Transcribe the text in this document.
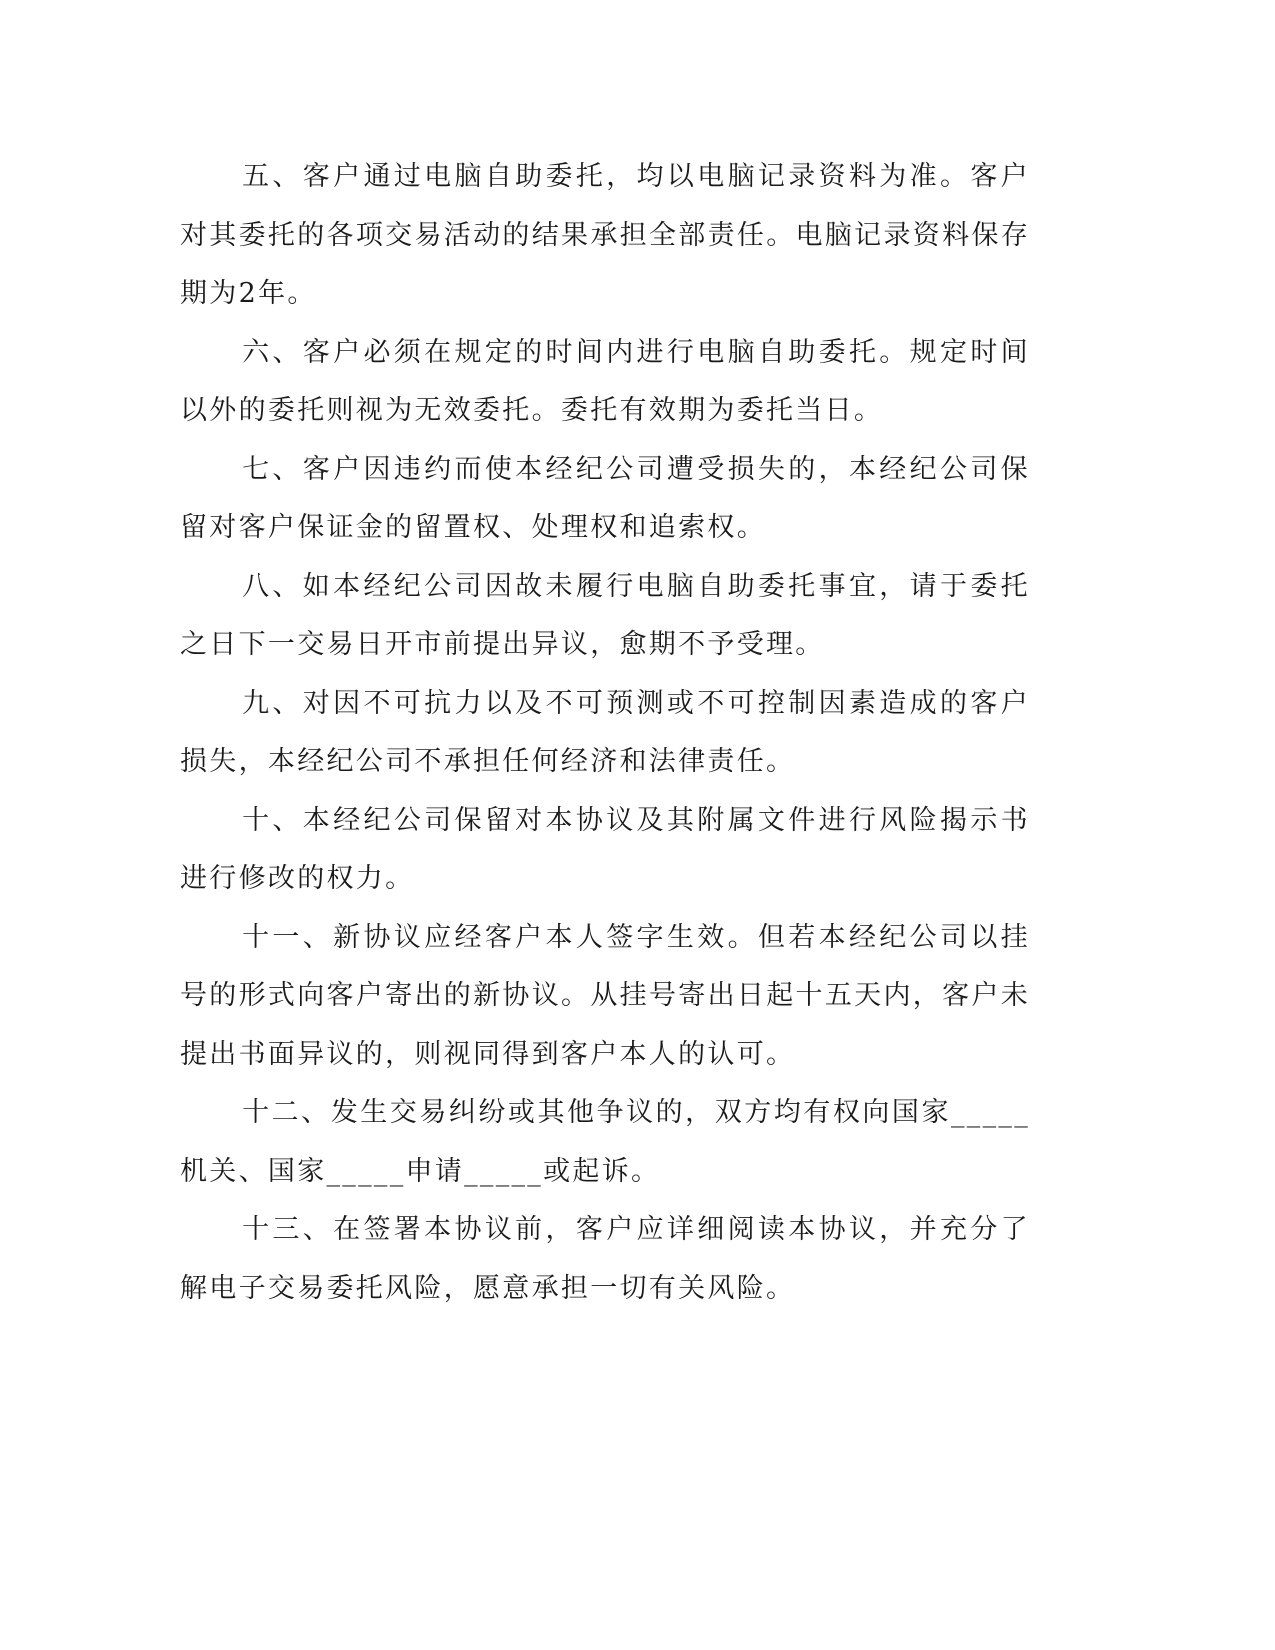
五、客户通过电脑自助委托，均以电脑记录资料为准。客户对其委托的各项交易活动的结果承担全部责任。电脑记录资料保存期为2年。

六、客户必须在规定的时间内进行电脑自助委托。规定时间以外的委托则视为无效委托。委托有效期为委托当日。

七、客户因违约而使本经纪公司遭受损失的，本经纪公司保留对客户保证金的留置权、处理权和追索权。

八、如本经纪公司因故未履行电脑自助委托事宜，请于委托之日下一交易日开市前提出异议，愈期不予受理。

九、对因不可抗力以及不可预测或不可控制因素造成的客户损失，本经纪公司不承担任何经济和法律责任。

十、本经纪公司保留对本协议及其附属文件进行风险揭示书进行修改的权力。

十一、新协议应经客户本人签字生效。但若本经纪公司以挂号的形式向客户寄出的新协议。从挂号寄出日起十五天内，客户未提出书面异议的，则视同得到客户本人的认可。

十二、发生交易纠纷或其他争议的，双方均有权向国家_____机关、国家_____申请_____或起诉。

十三、在签署本协议前，客户应详细阅读本协议，并充分了解电子交易委托风险，愿意承担一切有关风险。
